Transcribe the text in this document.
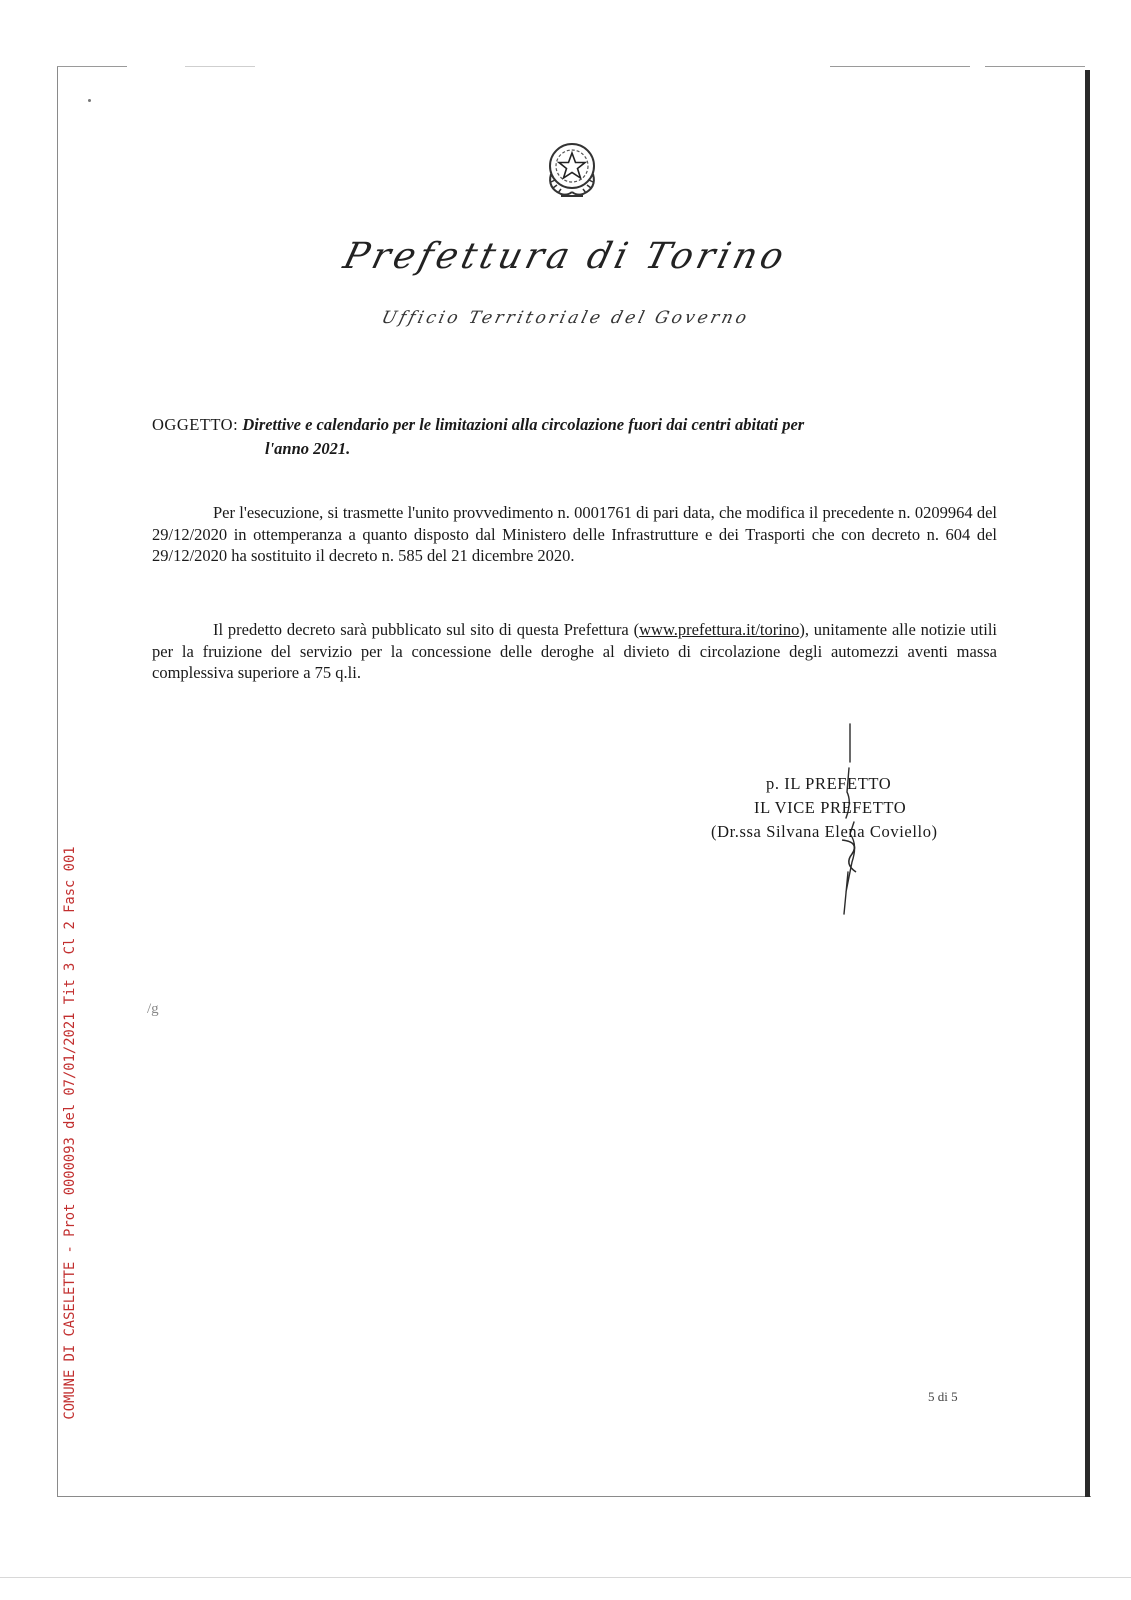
Prefettura di Torino
Ufficio Territoriale del Governo
OGGETTO: Direttive e calendario per le limitazioni alla circolazione fuori dai centri abitati per
l'anno 2021.

Per l'esecuzione, si trasmette l'unito provvedimento n. 0001761 di pari data, che modifica il precedente n. 0209964 del 29/12/2020 in ottemperanza a quanto disposto dal Ministero delle Infrastrutture e dei Trasporti che con decreto n. 604 del 29/12/2020 ha sostituito il decreto n. 585 del 21 dicembre 2020.

Il predetto decreto sarà pubblicato sul sito di questa Prefettura (www.prefettura.it/torino), unitamente alle notizie utili per la fruizione del servizio per la concessione delle deroghe al divieto di circolazione degli automezzi aventi massa complessiva superiore a 75 q.li.

p. IL PREFETTO
IL VICE PREFETTO
(Dr.ssa Silvana Elena Coviello)
/g
5 di 5
COMUNE DI CASELETTE - Prot 0000093 del 07/01/2021 Tit 3 Cl 2 Fasc 001
